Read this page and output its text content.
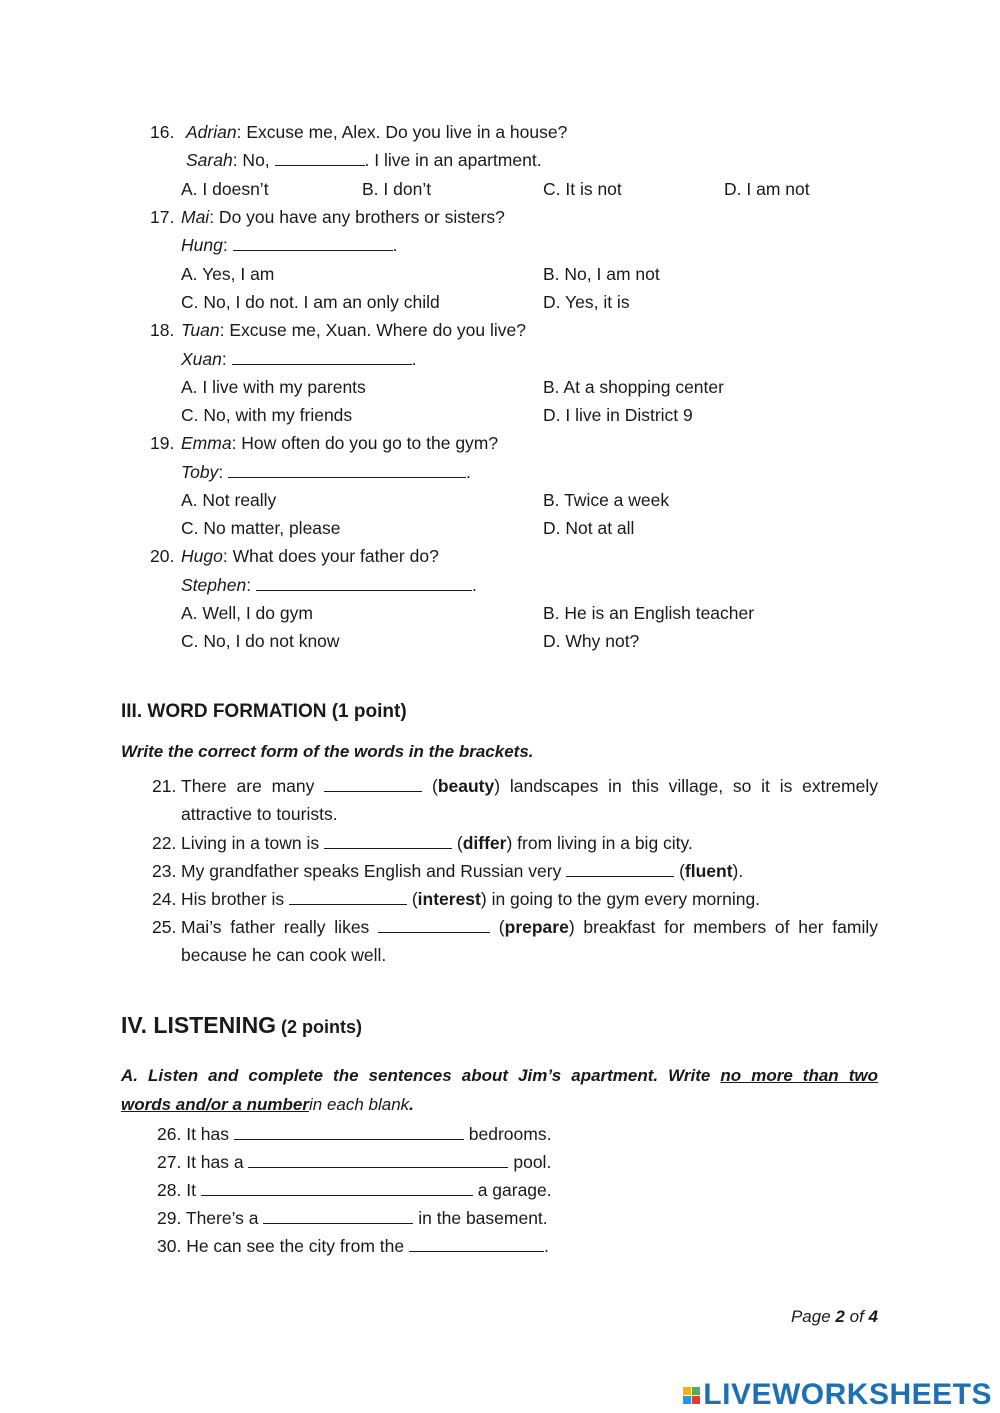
16. Adrian: Excuse me, Alex. Do you live in a house?
Sarah: No,	. I live in an apartment.
A. I doesn’t	B. I don’t	C. It is not	D. I am not
17. Mai: Do you have any brothers or sisters?
Hung:	.
A. Yes, I am	B. No, I am not
C. No, I do not. I am an only child	D. Yes, it is
18. Tuan: Excuse me, Xuan. Where do you live?
Xuan:	.
A. I live with my parents	B. At a shopping center
C. No, with my friends	D. I live in District 9
19. Emma: How often do you go to the gym?
Toby:	.
A. Not really	B. Twice a week
C. No matter, please	D. Not at all
20. Hugo: What does your father do?
Stephen:	.
A. Well, I do gym	B. He is an English teacher
C. No, I do not know	D. Why not?
III. WORD FORMATION (1 point)
Write the correct form of the words in the brackets.
21. There are many	(beauty) landscapes in this village, so it is extremely
attractive to tourists.
22. Living in a town is	(differ) from living in a big city.
23. My grandfather speaks English and Russian very	(fluent).
24. His brother is	(interest) in going to the gym every morning.
25. Mai’s father really likes	(prepare) breakfast for members of her family
because he can cook well.
IV. LISTENING (2 points)
A. Listen and complete the sentences about Jim’s apartment. Write no more than two
words and/or a numberin each blank.
26. It has	bedrooms.
27. It has a	pool.
28. It	a garage.
29. There’s a	in the basement.
30. He can see the city from the	.
Page 2 of 4
LIVEWORKSHEETS
